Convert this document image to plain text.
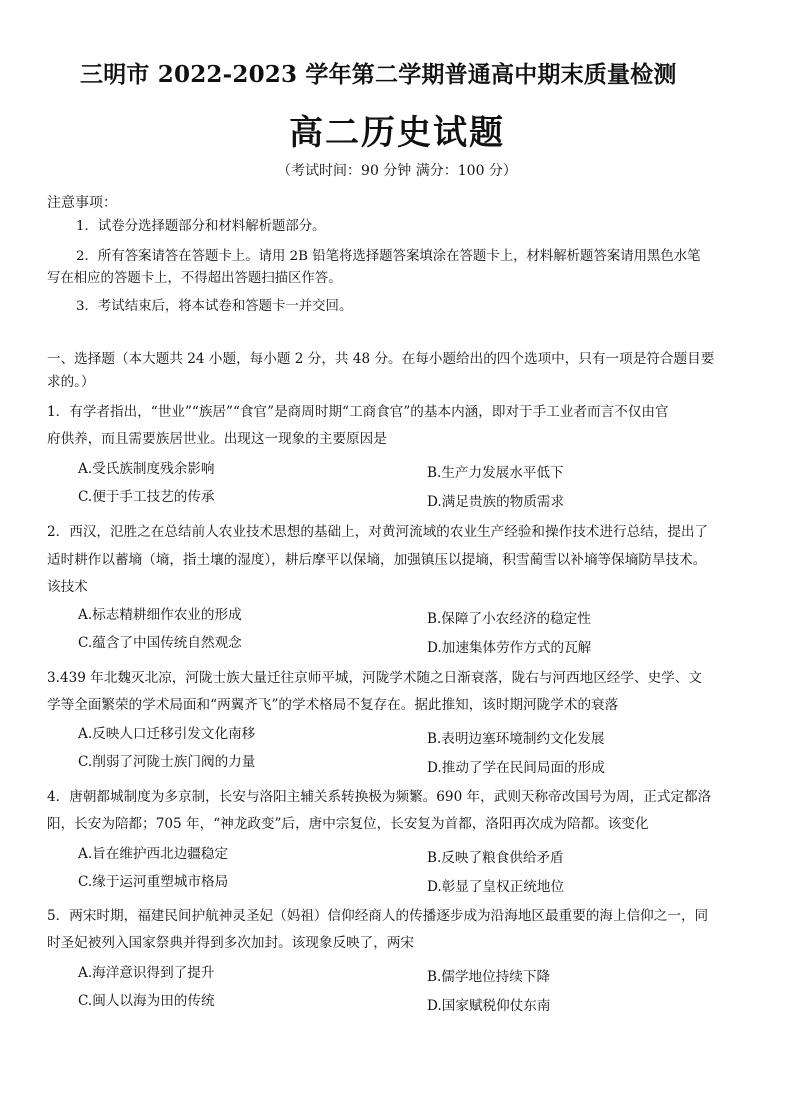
三明市 2022-2023 学年第二学期普通高中期末质量检测
高二历史试题
（考试时间：90 分钟 满分：100 分）
注意事项：
1．试卷分选择题部分和材料解析题部分。
2．所有答案请答在答题卡上。请用 2B 铅笔将选择题答案填涂在答题卡上，材料解析题答案请用黑色水笔
写在相应的答题卡上，不得超出答题扫描区作答。
3．考试结束后，将本试卷和答题卡一并交回。
一、选择题（本大题共 24 小题，每小题 2 分，共 48 分。在每小题给出的四个选项中，只有一项是符合题目要
求的。）
1．有学者指出，“世业”“族居”“食官”是商周时期“工商食官”的基本内涵，即对于手工业者而言不仅由官
府供养，而且需要族居世业。出现这一现象的主要原因是
A.受氏族制度残余影响	B.生产力发展水平低下
C.便于手工技艺的传承	D.满足贵族的物质需求
2．西汉，氾胜之在总结前人农业技术思想的基础上，对黄河流域的农业生产经验和操作技术进行总结，提出了
适时耕作以蓄墒（墒，指土壤的湿度），耕后摩平以保墒，加强镇压以提墒，积雪蔺雪以补墒等保墒防旱技术。
该技术
A.标志精耕细作农业的形成	B.保障了小农经济的稳定性
C.蕴含了中国传统自然观念	D.加速集体劳作方式的瓦解
3.439 年北魏灭北凉，河陇士族大量迁往京师平城，河陇学术随之日渐衰落，陇右与河西地区经学、史学、文
学等全面繁荣的学术局面和“两翼齐飞”的学术格局不复存在。据此推知，该时期河陇学术的衰落
A.反映人口迁移引发文化南移	B.表明边塞环境制约文化发展
C.削弱了河陇士族门阀的力量	D.推动了学在民间局面的形成
4．唐朝都城制度为多京制，长安与洛阳主辅关系转换极为频繁。690 年，武则天称帝改国号为周，正式定都洛
阳，长安为陪都；705 年，“神龙政变”后，唐中宗复位，长安复为首都，洛阳再次成为陪都。该变化
A.旨在维护西北边疆稳定	B.反映了粮食供给矛盾
C.缘于运河重塑城市格局	D.彰显了皇权正统地位
5．两宋时期，福建民间护航神灵圣妃（妈祖）信仰经商人的传播逐步成为沿海地区最重要的海上信仰之一，同
时圣妃被列入国家祭典并得到多次加封。该现象反映了，两宋
A.海洋意识得到了提升	B.儒学地位持续下降
C.闽人以海为田的传统	D.国家赋税仰仗东南
